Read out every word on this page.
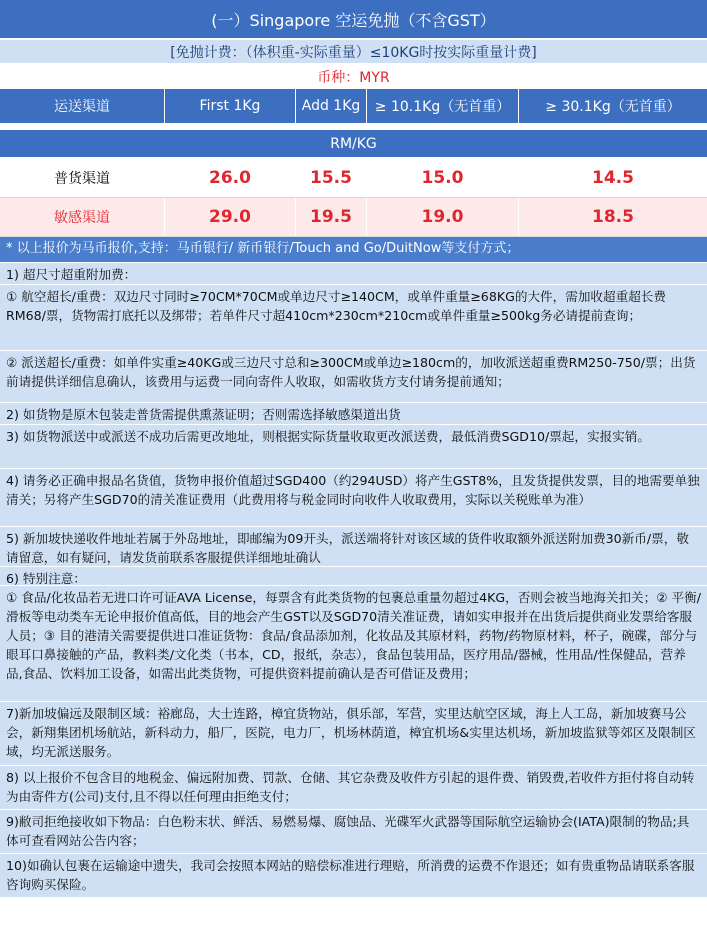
(一）Singapore 空运免抛（不含GST）
[免抛计费：（体积重-实际重量）≤10KG时按实际重量计费]
币种：MYR
运送渠道	First 1Kg	Add 1Kg	≥ 10.1Kg（无首重）	≥ 30.1Kg（无首重）
RM/KG
普货渠道	26.0	15.5	15.0	14.5
敏感渠道	29.0	19.5	19.0	18.5
* 以上报价为马币报价,支持：马币银行/ 新币银行/Touch and Go/DuitNow等支付方式；
1) 超尺寸超重附加费：
① 航空超长/重费：双边尺寸同时≥70CM*70CM或单边尺寸≥140CM，或单件重量≥68KG的大件，需加收超重超长费RM68/票，货物需打底托以及绑带；若单件尺寸超410cm*230cm*210cm或单件重量≥500kg务必请提前查询；
② 派送超长/重费：如单件实重≥40KG或三边尺寸总和≥300CM或单边≥180cm的，加收派送超重费RM250-750/票；出货前请提供详细信息确认，该费用与运费一同向寄件人收取，如需收货方支付请务提前通知；
2) 如货物是原木包装走普货需提供熏蒸证明；否则需选择敏感渠道出货
3) 如货物派送中或派送不成功后需更改地址，则根据实际货量收取更改派送费，最低消费SGD10/票起，实报实销。
4) 请务必正确申报品名货值，货物申报价值超过SGD400（约294USD）将产生GST8%，且发货提供发票，目的地需要单独清关；另将产生SGD70的清关准证费用（此费用将与税金同时向收件人收取费用，实际以关税账单为准）
5) 新加坡快递收件地址若属于外岛地址，即邮编为09开头，派送端将针对该区域的货件收取额外派送附加费30新币/票，敬请留意，如有疑问，请发货前联系客服提供详细地址确认
6) 特别注意：
① 食品/化妆品若无进口许可证AVA License，每票含有此类货物的包裹总重量勿超过4KG，否则会被当地海关扣关；② 平衡/滑板等电动类车无论申报价值高低，目的地会产生GST以及SGD70清关准证费，请如实申报并在出货后提供商业发票给客服人员；③ 目的港清关需要提供进口准证货物：食品/食品添加剂，化妆品及其原材料，药物/药物原材料，杯子，碗碟，部分与眼耳口鼻接触的产品，教料类/文化类（书本，CD，报纸，杂志），食品包装用品，医疗用品/器械，性用品/性保健品，营养品,食品、饮料加工设备，如需出此类货物，可提供资料提前确认是否可借证及费用；
7)新加坡偏远及限制区域：裕廊岛，大士连路，樟宜货物站，俱乐部，军营，实里达航空区域，海上人工岛，新加坡赛马公会，新翔集团机场航站，新科动力，船厂，医院，电力厂，机场林荫道，樟宜机场&实里达机场，新加坡监狱等郊区及限制区域，均无派送服务。
8) 以上报价不包含目的地税金、偏远附加费、罚款、仓储、其它杂费及收件方引起的退件费、销毁费,若收件方拒付将自动转为由寄件方(公司)支付,且不得以任何理由拒绝支付；
9)敝司拒绝接收如下物品：白色粉末状、鲜活、易燃易爆、腐蚀品、光碟军火武器等国际航空运输协会(IATA)限制的物品;具体可查看网站公告内容；
10)如确认包裹在运输途中遗失，我司会按照本网站的赔偿标准进行理赔，所消费的运费不作退还；如有贵重物品请联系客服咨询购买保险。
